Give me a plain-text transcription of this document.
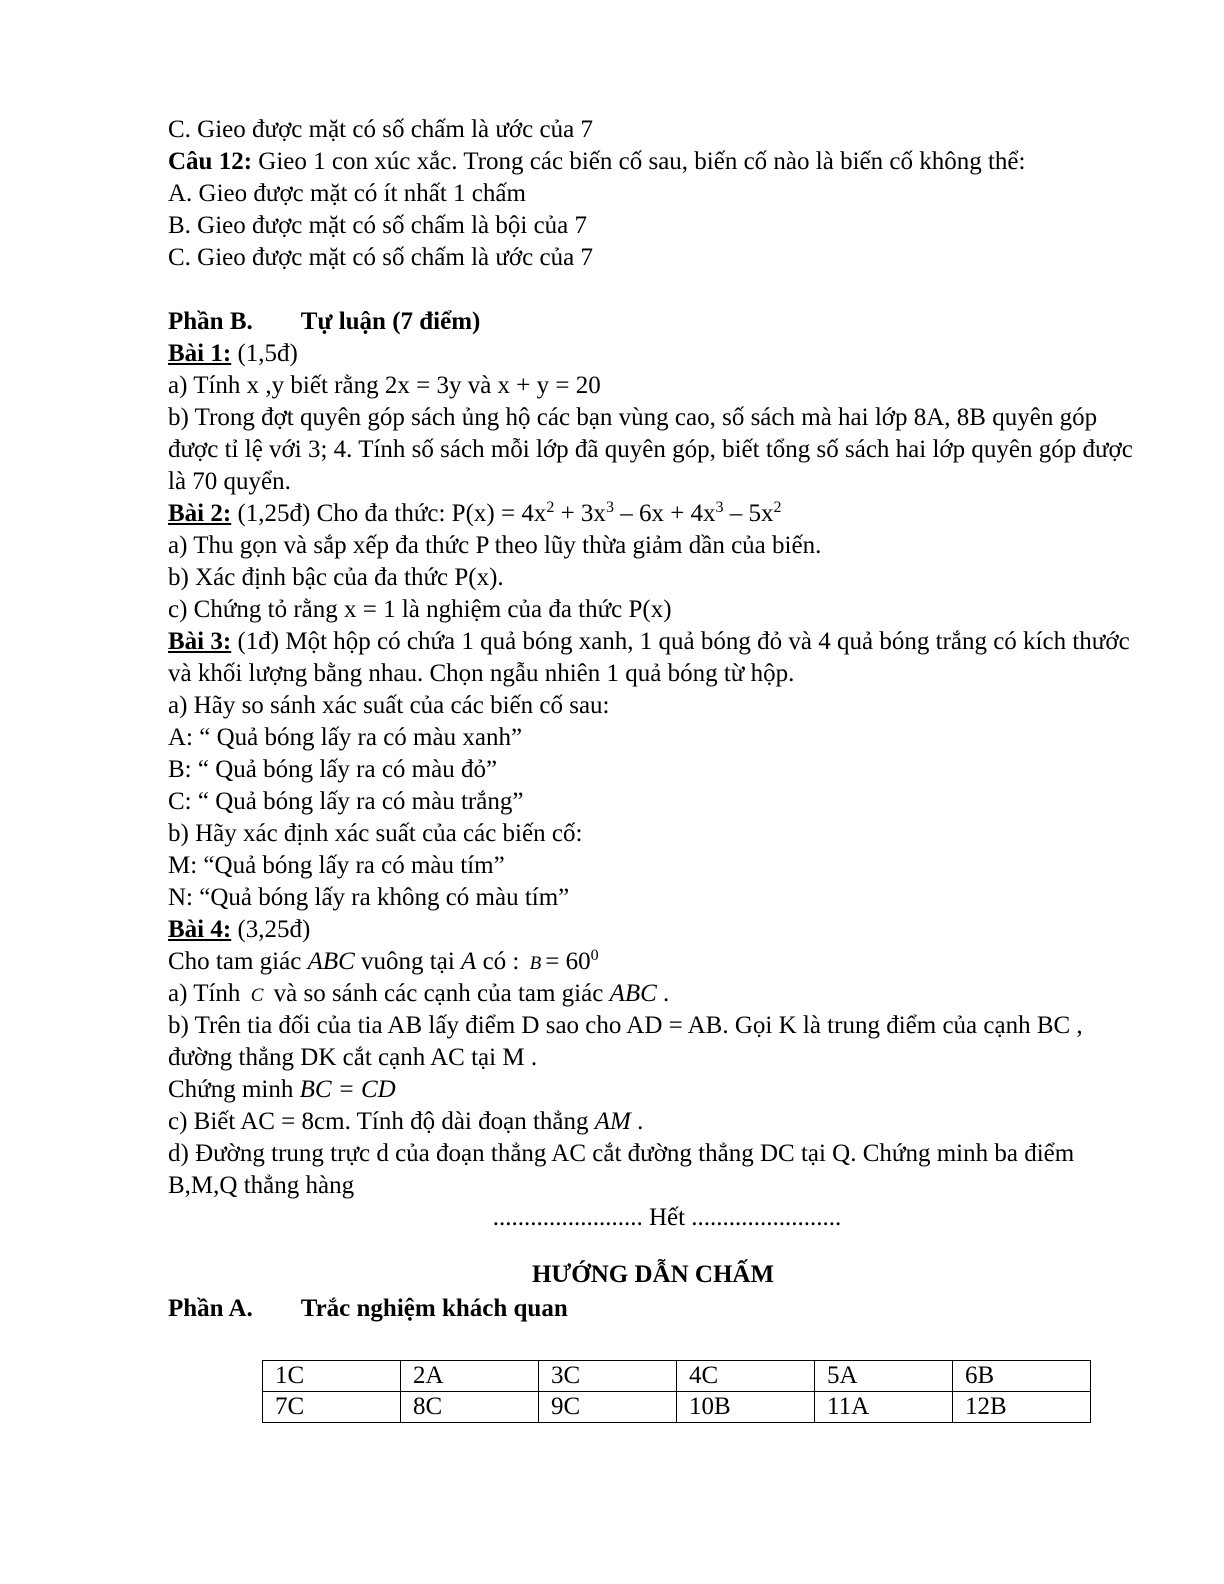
C. Gieo được mặt có số chấm là ước của 7
Câu 12: Gieo 1 con xúc xắc. Trong các biến cố sau, biến cố nào là biến cố không thể:
A. Gieo được mặt có ít nhất 1 chấm
B. Gieo được mặt có số chấm là bội của 7
C. Gieo được mặt có số chấm là ước của 7
Phần B. Tự luận (7 điểm)
Bài 1: (1,5đ)
a) Tính x ,y biết rằng 2x = 3y và x + y = 20
b) Trong đợt quyên góp sách ủng hộ các bạn vùng cao, số sách mà hai lớp 8A, 8B quyên góp được tỉ lệ với 3; 4. Tính số sách mỗi lớp đã quyên góp, biết tổng số sách hai lớp quyên góp được là 70 quyển.
Bài 2: (1,25đ) Cho đa thức: $P(x) = 4x^2 + 3x^3 - 6x + 4x^3 - 5x^2$
a) Thu gọn và sắp xếp đa thức P theo lũy thừa giảm dần của biến.
b) Xác định bậc của đa thức P(x).
c) Chứng tỏ rằng x = 1 là nghiệm của đa thức P(x)
Bài 3: (1đ) Một hộp có chứa 1 quả bóng xanh, 1 quả bóng đỏ và 4 quả bóng trắng có kích thước và khối lượng bằng nhau. Chọn ngẫu nhiên 1 quả bóng từ hộp.
a) Hãy so sánh xác suất của các biến cố sau:
A: “ Quả bóng lấy ra có màu xanh”
B: “ Quả bóng lấy ra có màu đỏ”
C: “ Quả bóng lấy ra có màu trắng”
b) Hãy xác định xác suất của các biến cố:
M: “Quả bóng lấy ra có màu tím”
N: “Quả bóng lấy ra không có màu tím”
Bài 4: (3,25đ)
Cho tam giác ABC vuông tại A có : $B = 60^0$
a) Tính C và so sánh các cạnh của tam giác ABC .
b) Trên tia đối của tia AB lấy điểm D sao cho AD = AB. Gọi K là trung điểm của cạnh BC , đường thẳng DK cắt cạnh AC tại M .
Chứng minh BC = CD
c) Biết AC = 8cm. Tính độ dài đoạn thẳng AM .
d) Đường trung trực d của đoạn thẳng AC cắt đường thẳng DC tại Q. Chứng minh ba điểm B,M,Q thẳng hàng
........................ Hết ........................
HƯỚNG DẪN CHẤM
Phần A. Trắc nghiệm khách quan
1C	2A	3C	4C	5A	6B
7C	8C	9C	10B	11A	12B
